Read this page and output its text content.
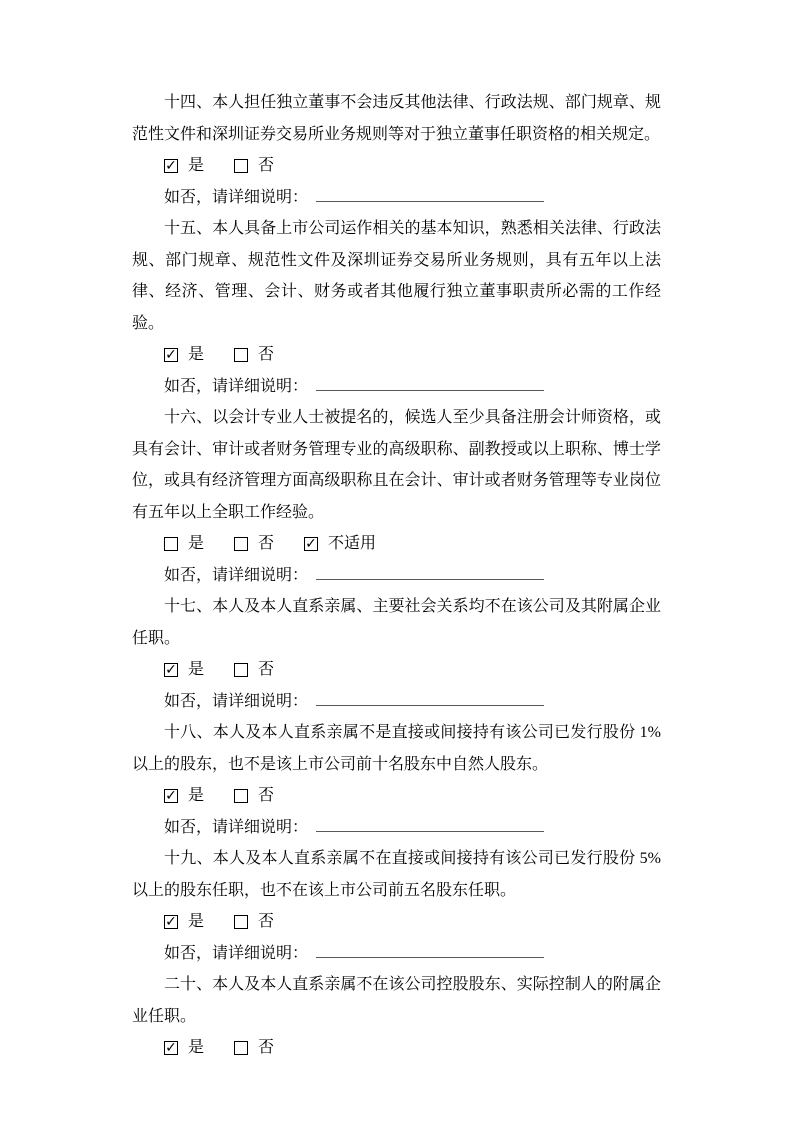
十四、本人担任独立董事不会违反其他法律、行政法规、部门规章、规范性文件和深圳证券交易所业务规则等对于独立董事任职资格的相关规定。

✓ 是	否

如否，请详细说明：

十五、本人具备上市公司运作相关的基本知识，熟悉相关法律、行政法规、部门规章、规范性文件及深圳证券交易所业务规则，具有五年以上法律、经济、管理、会计、财务或者其他履行独立董事职责所必需的工作经验。

✓ 是	否

如否，请详细说明：

十六、以会计专业人士被提名的，候选人至少具备注册会计师资格，或具有会计、审计或者财务管理专业的高级职称、副教授或以上职称、博士学位，或具有经济管理方面高级职称且在会计、审计或者财务管理等专业岗位有五年以上全职工作经验。

是	否 ✓ 不适用

如否，请详细说明：

十七、本人及本人直系亲属、主要社会关系均不在该公司及其附属企业任职。

✓ 是	否

如否，请详细说明：

十八、本人及本人直系亲属不是直接或间接持有该公司已发行股份 1%以上的股东，也不是该上市公司前十名股东中自然人股东。

✓ 是	否

如否，请详细说明：

十九、本人及本人直系亲属不在直接或间接持有该公司已发行股份 5%以上的股东任职，也不在该上市公司前五名股东任职。

✓ 是	否

如否，请详细说明：

二十、本人及本人直系亲属不在该公司控股股东、实际控制人的附属企业任职。

✓ 是	否
